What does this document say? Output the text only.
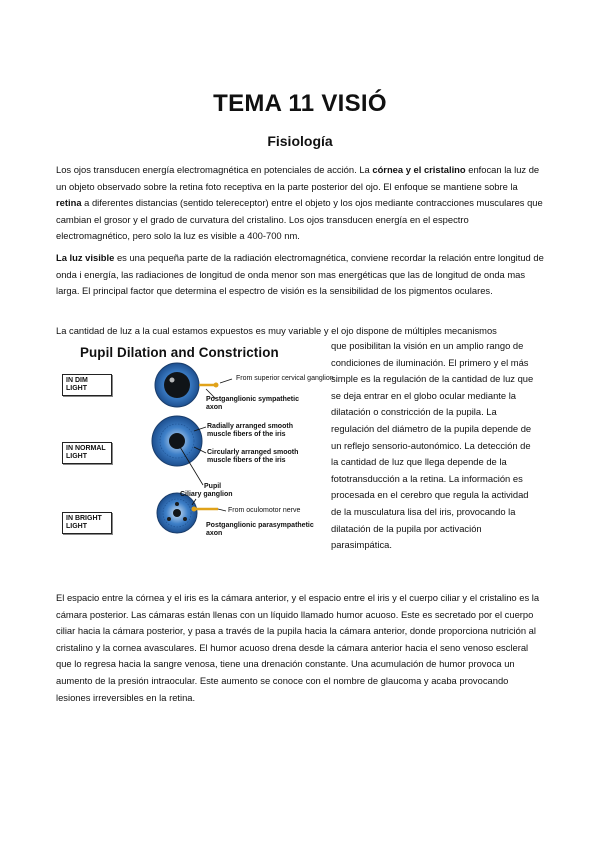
TEMA 11 VISIÓ
Fisiología

Los ojos transducen energía electromagnética en potenciales de acción. La córnea y el cristalino enfocan la luz de un objeto observado sobre la retina foto receptiva en la parte posterior del ojo. El enfoque se mantiene sobre la retina a diferentes distancias (sentido telereceptor) entre el objeto y los ojos mediante contracciones musculares que cambian el grosor y el grado de curvatura del cristalino. Los ojos transducen energía en el espectro electromagnético, pero solo la luz es visible a 400-700 nm.

La luz visible es una pequeña parte de la radiación electromagnética, conviene recordar la relación entre longitud de onda i energía, las radiaciones de longitud de onda menor son mas energéticas que las de longitud de onda mas larga. El principal factor que determina el espectro de visión es la sensibilidad de los pigmentos oculares.

La cantidad de luz a la cual estamos expuestos es muy variable y el ojo dispone de múltiples mecanismos

Pupil Dilation and Constriction
IN DIM LIGHT
From superior cervical ganglion
Postganglionic sympathetic axon
IN NORMAL LIGHT
Radially arranged smooth muscle fibers of the iris
Circularly arranged smooth muscle fibers of the iris
Pupil
Ciliary ganglion
IN BRIGHT LIGHT
From oculomotor nerve
Postganglionic parasympathetic axon

que posibilitan la visión en un amplio rango de condiciones de iluminación. El primero y el más simple es la regulación de la cantidad de luz que se deja entrar en el globo ocular mediante la dilatación o constricción de la pupila. La regulación del diámetro de la pupila depende de un reflejo sensorio-autonómico. La detección de la cantidad de luz que llega depende de la fototransducción a la retina. La información es procesada en el cerebro que regula la actividad de la musculatura lisa del iris, provocando la dilatación de la pupila por activación parasimpática.

El espacio entre la córnea y el iris es la cámara anterior, y el espacio entre el iris y el cuerpo ciliar y el cristalino es la cámara posterior. Las cámaras están llenas con un líquido llamado humor acuoso. Este es secretado por el cuerpo ciliar hacia la cámara posterior, y pasa a través de la pupila hacia la cámara anterior, donde proporciona nutrición al cristalino y la cornea avasculares. El humor acuoso drena desde la cámara anterior hacia el seno venoso escleral que lo regresa hacia la sangre venosa, tiene una drenación constante. Una acumulación de humor provoca un aumento de la presión intraocular. Este aumento se conoce con el nombre de glaucoma y acaba provocando lesiones irreversibles en la retina.
